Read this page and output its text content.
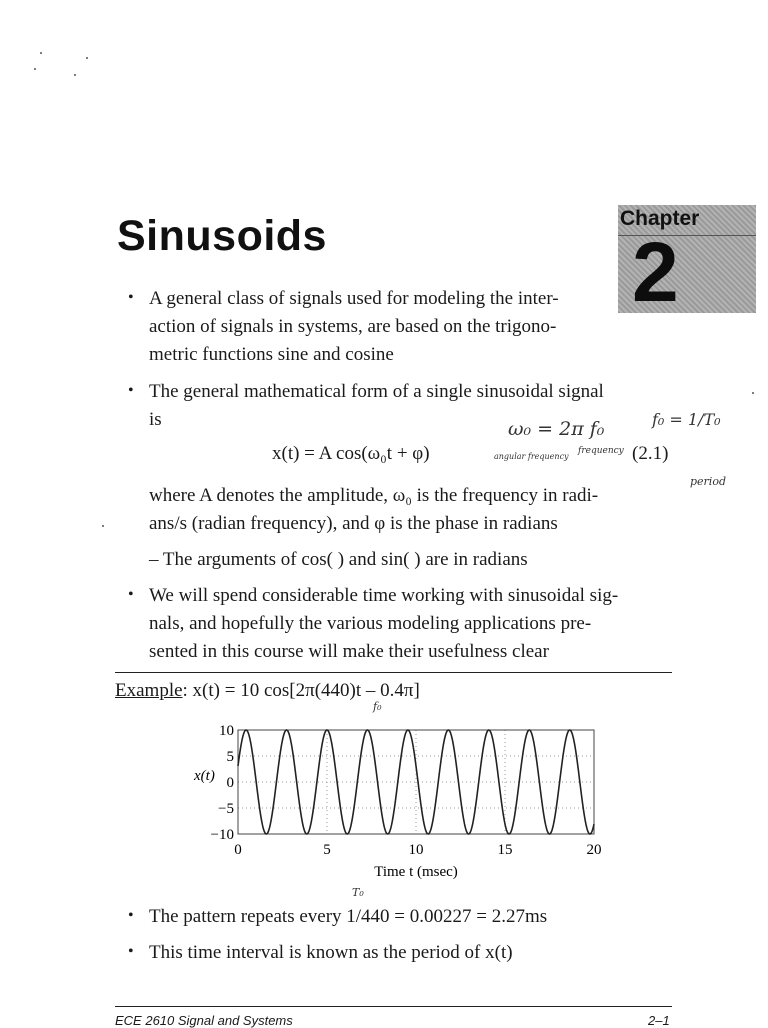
Sinusoids	Chapter
2
• A general class of signals used for modeling the inter-
action of signals in systems, are based on the trigono-
metric functions sine and cosine
• The general mathematical form of a single sinusoidal signal
is
x(t) = A cos(ω₀t + φ)	(2.1)
where A denotes the amplitude, ω₀ is the frequency in radi-
ans/s (radian frequency), and φ is the phase in radians
– The arguments of cos( ) and sin( ) are in radians
• We will spend considerable time working with sinusoidal sig-
nals, and hopefully the various modeling applications pre-
sented in this course will make their usefulness clear
Example: x(t) = 10 cos[2π(440)t – 0.4π]
10
5
0
−5
−10
0	5	10	15	20
x(t)
Time t (msec)
• The pattern repeats every 1/440 = 0.00227 = 2.27ms
• This time interval is known as the period of x(t)
ω₀ = 2π f₀	f₀ = 1/T₀
angular frequency
frequency
period
f₀
T₀
ECE 2610 Signal and Systems	2–1
